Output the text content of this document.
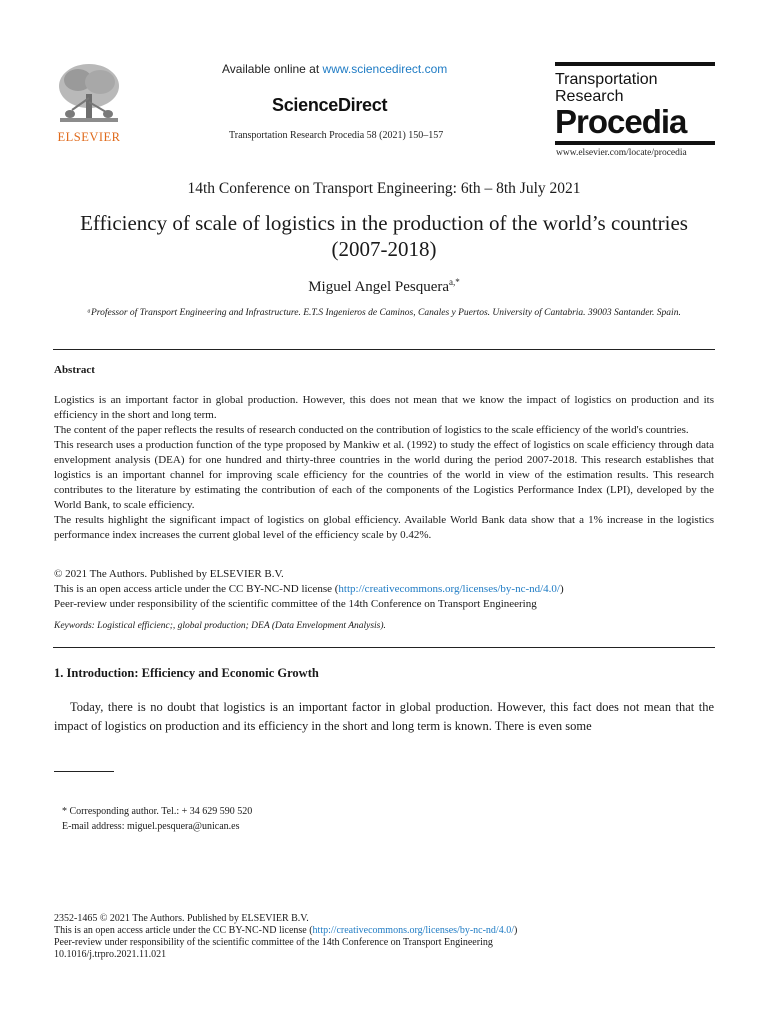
ELSEVIER
Available online at www.sciencedirect.com
ScienceDirect
Transportation Research Procedia 58 (2021) 150–157
Transportation
Research
Procedia
www.elsevier.com/locate/procedia
14th Conference on Transport Engineering: 6th – 8th July 2021
Efficiency of scale of logistics in the production of the world’s countries (2007-2018)
Miguel Angel Pesquera$^{a,*}$
ᵃProfessor of Transport Engineering and Infrastructure. E.T.S Ingenieros de Caminos, Canales y Puertos. University of Cantabria. 39003 Santander. Spain.
Abstract

Logistics is an important factor in global production. However, this does not mean that we know the impact of logistics on production and its efficiency in the short and long term.

The content of the paper reflects the results of research conducted on the contribution of logistics to the scale efficiency of the world's countries.

This research uses a production function of the type proposed by Mankiw et al. (1992) to study the effect of logistics on scale efficiency through data envelopment analysis (DEA) for one hundred and thirty-three countries in the world during the period 2007-2018. This research establishes that logistics is an important channel for improving scale efficiency for the countries of the world in view of the estimation results. This research contributes to the literature by estimating the contribution of each of the components of the Logistics Performance Index (LPI), developed by the World Bank, to scale efficiency.

The results highlight the significant impact of logistics on global efficiency. Available World Bank data show that a 1% increase in the logistics performance index increases the current global level of the efficiency scale by 0.42%.

© 2021 The Authors. Published by ELSEVIER B.V.
This is an open access article under the CC BY-NC-ND license (http://creativecommons.org/licenses/by-nc-nd/4.0/)
Peer-review under responsibility of the scientific committee of the 14th Conference on Transport Engineering
Keywords: Logistical efficienc;, global production; DEA (Data Envelopment Analysis).
1. Introduction: Efficiency and Economic Growth
Today, there is no doubt that logistics is an important factor in global production. However, this fact does not mean that the impact of logistics on production and its efficiency in the short and long term is known. There is even some
* Corresponding author. Tel.: + 34 629 590 520
E-mail address: miguel.pesquera@unican.es
2352-1465 © 2021 The Authors. Published by ELSEVIER B.V.
This is an open access article under the CC BY-NC-ND license (http://creativecommons.org/licenses/by-nc-nd/4.0/)
Peer-review under responsibility of the scientific committee of the 14th Conference on Transport Engineering
10.1016/j.trpro.2021.11.021
